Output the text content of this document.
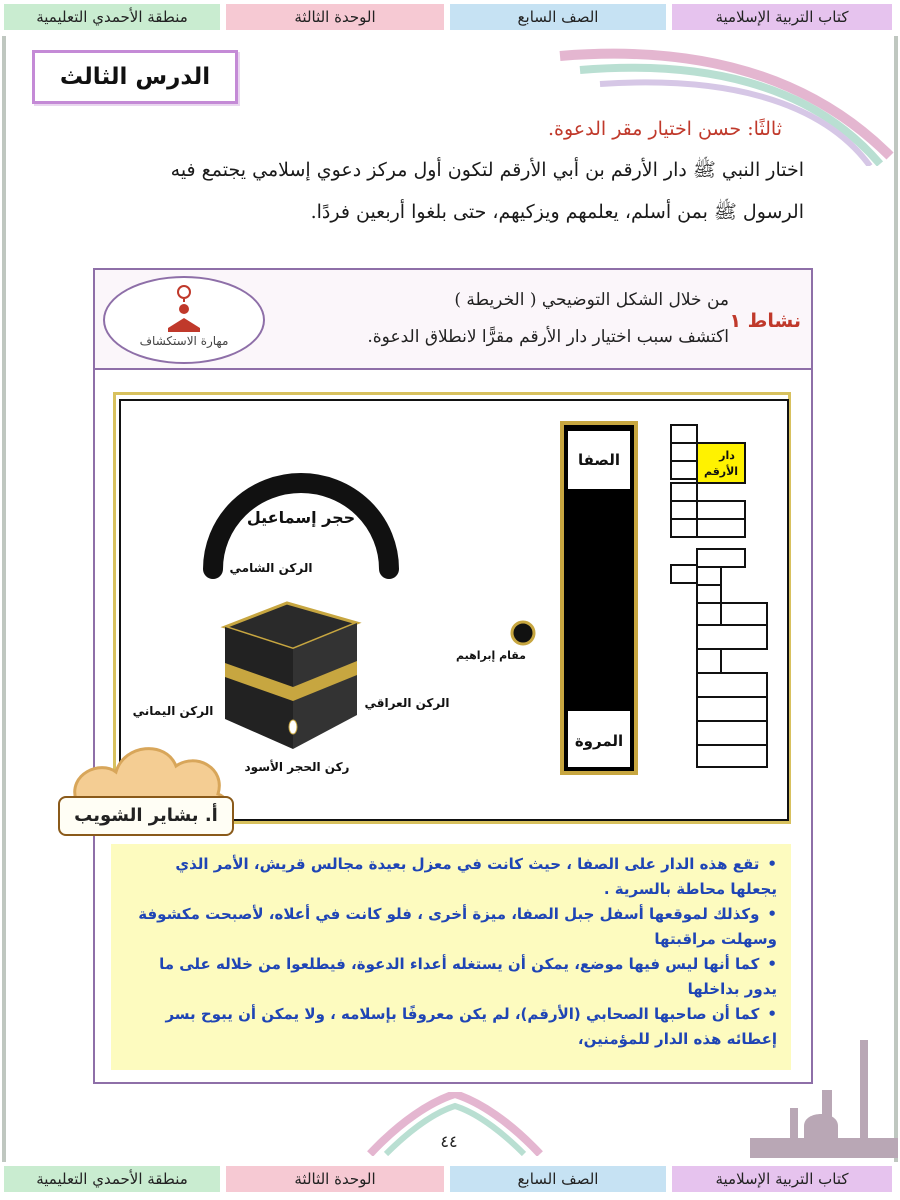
كتاب التربية الإسلامية
الصف السابع
الوحدة الثالثة
منطقة الأحمدي التعليمية
الدرس الثالث
ثالثًا: حسن اختيار مقر الدعوة.
اختار النبي ﷺ دار الأرقم بن أبي الأرقم لتكون أول مركز دعوي إسلامي يجتمع فيه
الرسول ﷺ بمن أسلم، يعلمهم ويزكيهم، حتى بلغوا أربعين فردًا.
نشاط ١
من خلال الشكل التوضيحي ( الخريطة )
اكتشف سبب اختيار دار الأرقم مقرًّا لانطلاق الدعوة.
مهارة الاستكشاف
حجر إسماعيل
الركن الشامي
الركن العراقي
الركن اليماني
ركن الحجر الأسود
مقام إبراهيم
الصفا
المروة
دار
الأرقم
•تقع هذه الدار على الصفا ، حيث كانت في معزل بعيدة مجالس قريش، الأمر الذي يجعلها محاطة بالسرية .
•وكذلك لموقعها أسفل جبل الصفا، ميزة أخرى ، فلو كانت في أعلاه، لأصبحت مكشوفة وسهلت مراقبتها
•كما أنها ليس فيها موضع، يمكن أن يستغله أعداء الدعوة، فيطلعوا من خلاله على ما يدور بداخلها
•كما أن صاحبها الصحابي (الأرقم)، لم يكن معروفًا بإسلامه ، ولا يمكن أن يبوح بسر إعطائه هذه الدار للمؤمنين،
أ. بشاير الشويب
٤٤
كتاب التربية الإسلامية
الصف السابع
الوحدة الثالثة
منطقة الأحمدي التعليمية
